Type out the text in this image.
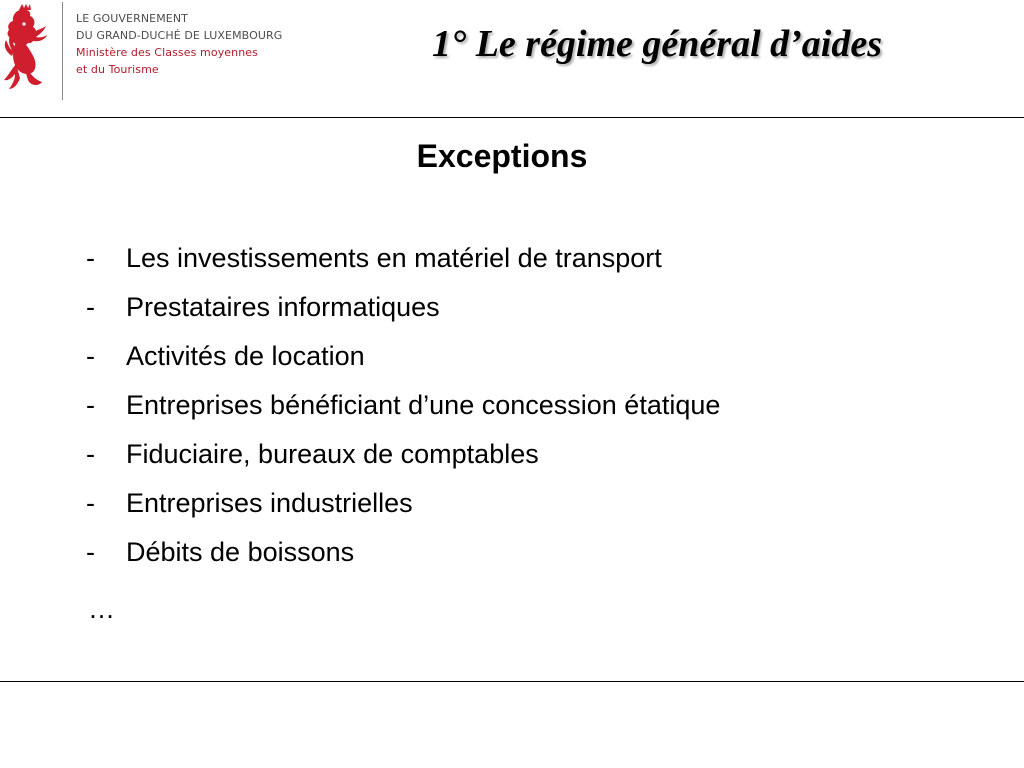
LE GOUVERNEMENT
DU GRAND-DUCHÉ DE LUXEMBOURG
Ministère des Classes moyennes
et du Tourisme
1° Le régime général d’aides
Exceptions
-	Les investissements en matériel de transport
-	Prestataires informatiques
-	Activités de location
-	Entreprises bénéficiant d’une concession étatique
-	Fiduciaire, bureaux de comptables
-	Entreprises industrielles
-	Débits de boissons
…
